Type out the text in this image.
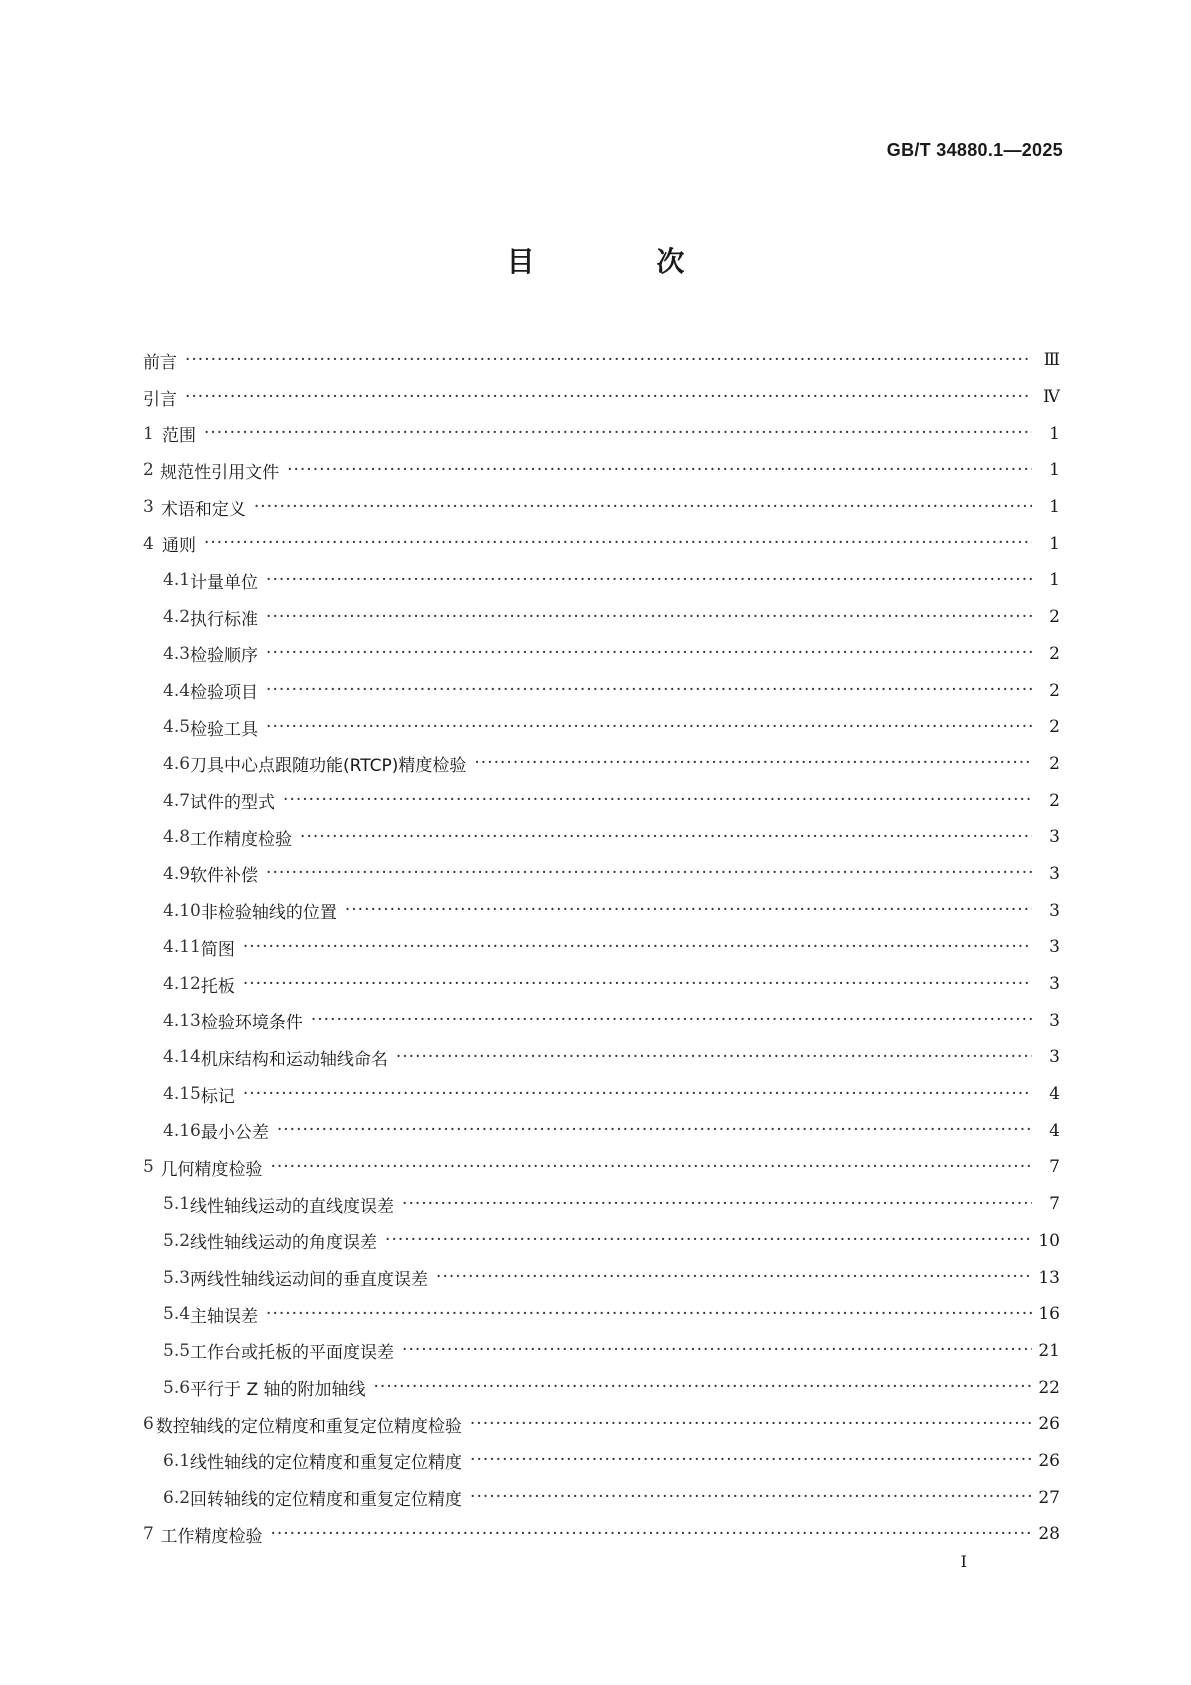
GB/T 34880.1—2025
目 次
前言 ·····	Ⅲ
引言 ·····	Ⅳ
1 范围 ·····	1
2 规范性引用文件 ·····	1
3 术语和定义 ·····	1
4 通则 ·····	1
4.1 计量单位 ·····	1
4.2 执行标准 ·····	2
4.3 检验顺序 ·····	2
4.4 检验项目 ·····	2
4.5 检验工具 ·····	2
4.6 刀具中心点跟随功能(RTCP)精度检验 ·····	2
4.7 试件的型式 ·····	2
4.8 工作精度检验 ·····	3
4.9 软件补偿 ·····	3
4.10 非检验轴线的位置 ·····	3
4.11 简图 ·····	3
4.12 托板 ·····	3
4.13 检验环境条件 ·····	3
4.14 机床结构和运动轴线命名 ·····	3
4.15 标记 ·····	4
4.16 最小公差 ·····	4
5 几何精度检验 ·····	7
5.1 线性轴线运动的直线度误差 ·····	7
5.2 线性轴线运动的角度误差 ·····	10
5.3 两线性轴线运动间的垂直度误差 ·····	13
5.4 主轴误差 ·····	16
5.5 工作台或托板的平面度误差 ·····	21
5.6 平行于 Z 轴的附加轴线 ·····	22
6 数控轴线的定位精度和重复定位精度检验 ·····	26
6.1 线性轴线的定位精度和重复定位精度 ·····	26
6.2 回转轴线的定位精度和重复定位精度 ·····	27
7 工作精度检验 ·····	28
Ⅰ
